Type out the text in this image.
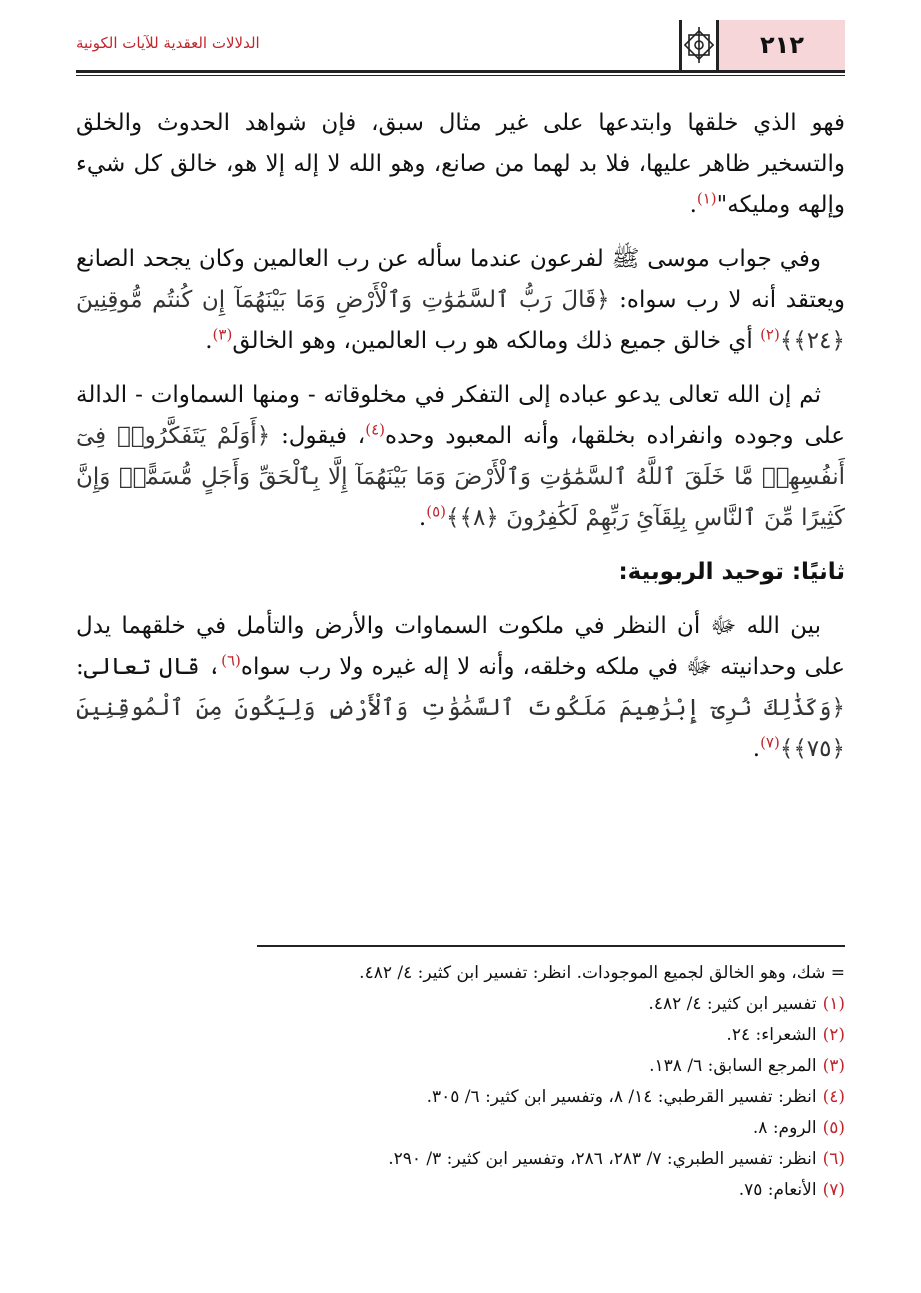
٢١٢
الدلالات العقدية للآيات الكونية

فهو الذي خلقها وابتدعها على غير مثال سبق، فإن شواهد الحدوث والخلق والتسخير ظاهر عليها، فلا بد لهما من صانع، وهو الله لا إله إلا هو، خالق كل شيء وإلهه ومليكه"$^{(١)}$.

وفي جواب موسى ﷺ لفرعون عندما سأله عن رب العالمين وكان يجحد الصانع ويعتقد أنه لا رب سواه: ﴿قَالَ رَبُّ ٱلسَّمَٰوَٰتِ وَٱلْأَرْضِ وَمَا بَيْنَهُمَآ إِن كُنتُم مُّوقِنِينَ ﴿٢٤﴾﴾$^{(٢)}$ أي خالق جميع ذلك ومالكه هو رب العالمين، وهو الخالق$^{(٣)}$.

ثم إن الله تعالى يدعو عباده إلى التفكر في مخلوقاته - ومنها السماوات - الدالة على وجوده وانفراده بخلقها، وأنه المعبود وحده$^{(٤)}$، فيقول: ﴿أَوَلَمْ يَتَفَكَّرُوا۟ فِىٓ أَنفُسِهِمۗ مَّا خَلَقَ ٱللَّهُ ٱلسَّمَٰوَٰتِ وَٱلْأَرْضَ وَمَا بَيْنَهُمَآ إِلَّا بِٱلْحَقِّ وَأَجَلٍ مُّسَمًّىۗ وَإِنَّ كَثِيرًا مِّنَ ٱلنَّاسِ بِلِقَآئِ رَبِّهِمْ لَكَٰفِرُونَ ﴿٨﴾﴾$^{(٥)}$.

ثانيًا: توحيد الربوبية:

بين الله ﷻ أن النظر في ملكوت السماوات والأرض والتأمل في خلقهما يدل على وحدانيته ﷻ في ملكه وخلقه، وأنه لا إله غيره ولا رب سواه$^{(٦)}$، قال تعالى: ﴿وَكَذَٰلِكَ نُرِىٓ إِبْرَٰهِيمَ مَلَكُوتَ ٱلسَّمَٰوَٰتِ وَٱلْأَرْضِ وَلِيَكُونَ مِنَ ٱلْمُوقِنِينَ ﴿٧٥﴾﴾$^{(٧)}$.

= شك، وهو الخالق لجميع الموجودات. انظر: تفسير ابن كثير: ٤/ ٤٨٢.
(١)تفسير ابن كثير: ٤/ ٤٨٢.
(٢)الشعراء: ٢٤.
(٣)المرجع السابق: ٦/ ١٣٨.
(٤)انظر: تفسير القرطبي: ١٤/ ٨، وتفسير ابن كثير: ٦/ ٣٠٥.
(٥)الروم: ٨.
(٦)انظر: تفسير الطبري: ٧/ ٢٨٣، ٢٨٦، وتفسير ابن كثير: ٣/ ٢٩٠.
(٧)الأنعام: ٧٥.
